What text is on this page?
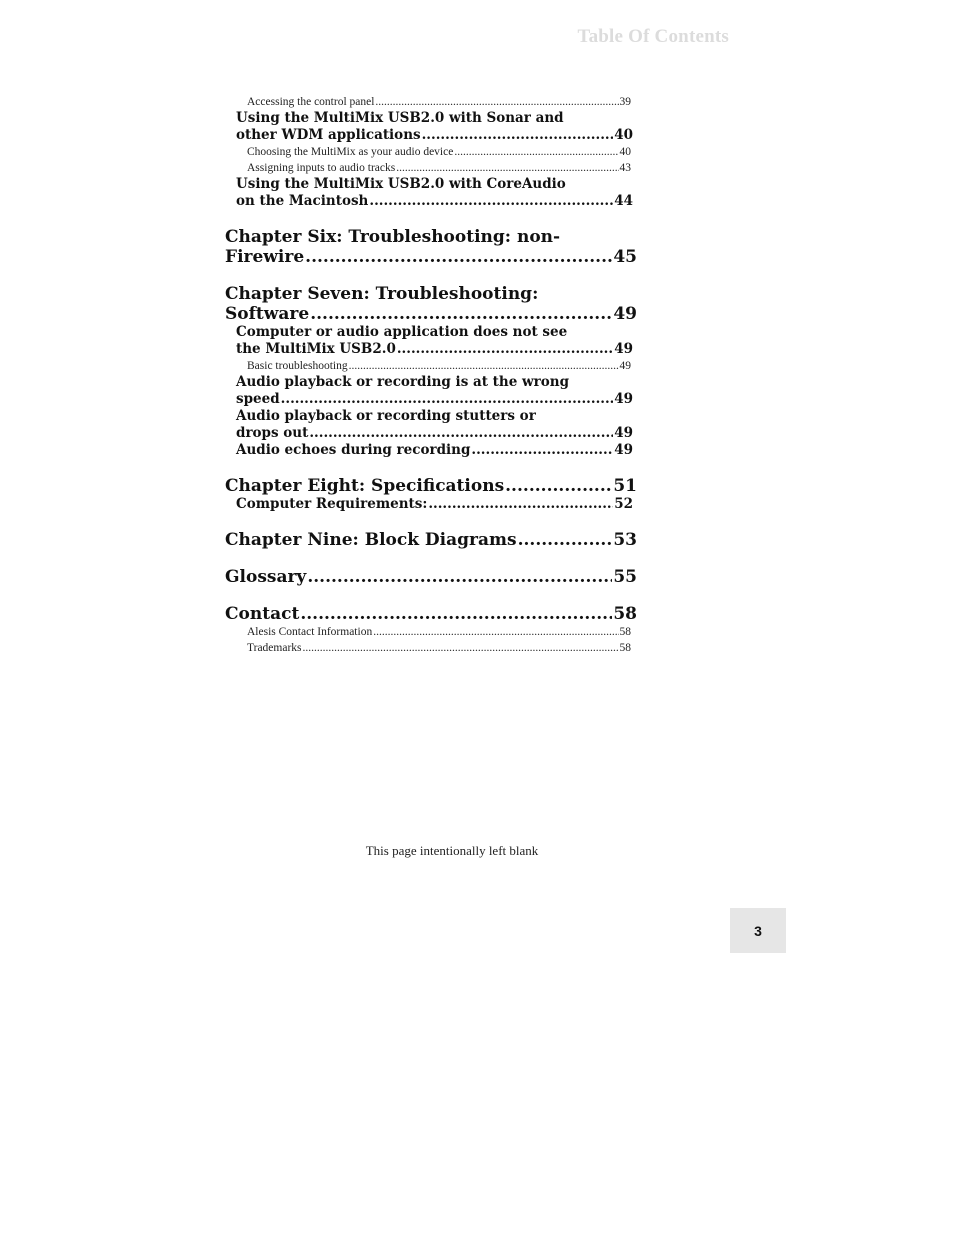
Table Of Contents
Accessing the control panel .....	39
Using the MultiMix USB2.0 with Sonar and
other WDM applications .....	40
Choosing the MultiMix as your audio device .....	40
Assigning inputs to audio tracks .....	43
Using the MultiMix USB2.0 with CoreAudio
on the Macintosh .....	44
Chapter Six: Troubleshooting: non-
Firewire .....	45
Chapter Seven: Troubleshooting:
Software .....	49
Computer or audio application does not see
the MultiMix USB2.0 .....	49
Basic troubleshooting .....	49
Audio playback or recording is at the wrong
speed .....	49
Audio playback or recording stutters or
drops out .....	49
Audio echoes during recording .....	49
Chapter Eight: Specifications .....	51
Computer Requirements: .....	52
Chapter Nine: Block Diagrams .....	53
Glossary .....	55
Contact .....	58
Alesis Contact Information .....	58
Trademarks .....	58
This page intentionally left blank
3
